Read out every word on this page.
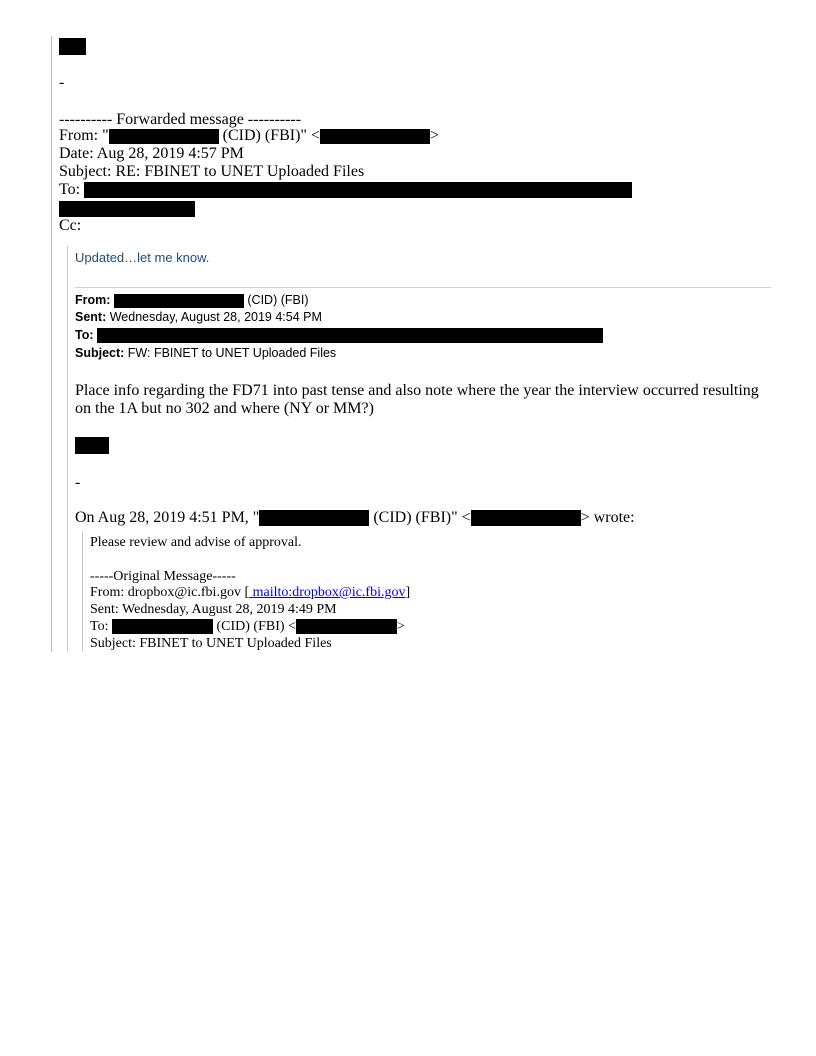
-
---------- Forwarded message ----------
From: "	(CID) (FBI)" <	>
Date: Aug 28, 2019 4:57 PM
Subject: RE: FBINET to UNET Uploaded Files
To:
Cc:
Updated…let me know.
From:	(CID) (FBI)
Sent: Wednesday, August 28, 2019 4:54 PM
To:
Subject: FW: FBINET to UNET Uploaded Files
Place info regarding the FD71 into past tense and also note where the year the interview occurred resulting on the 1A but no 302 and where (NY or MM?)
-
On Aug 28, 2019 4:51 PM, "	(CID) (FBI)" <	> wrote:
Please review and advise of approval.
-----Original Message-----
From: dropbox@ic.fbi.gov [ mailto:dropbox@ic.fbi.gov]
Sent: Wednesday, August 28, 2019 4:49 PM
To:	(CID) (FBI) <	>
Subject: FBINET to UNET Uploaded Files
